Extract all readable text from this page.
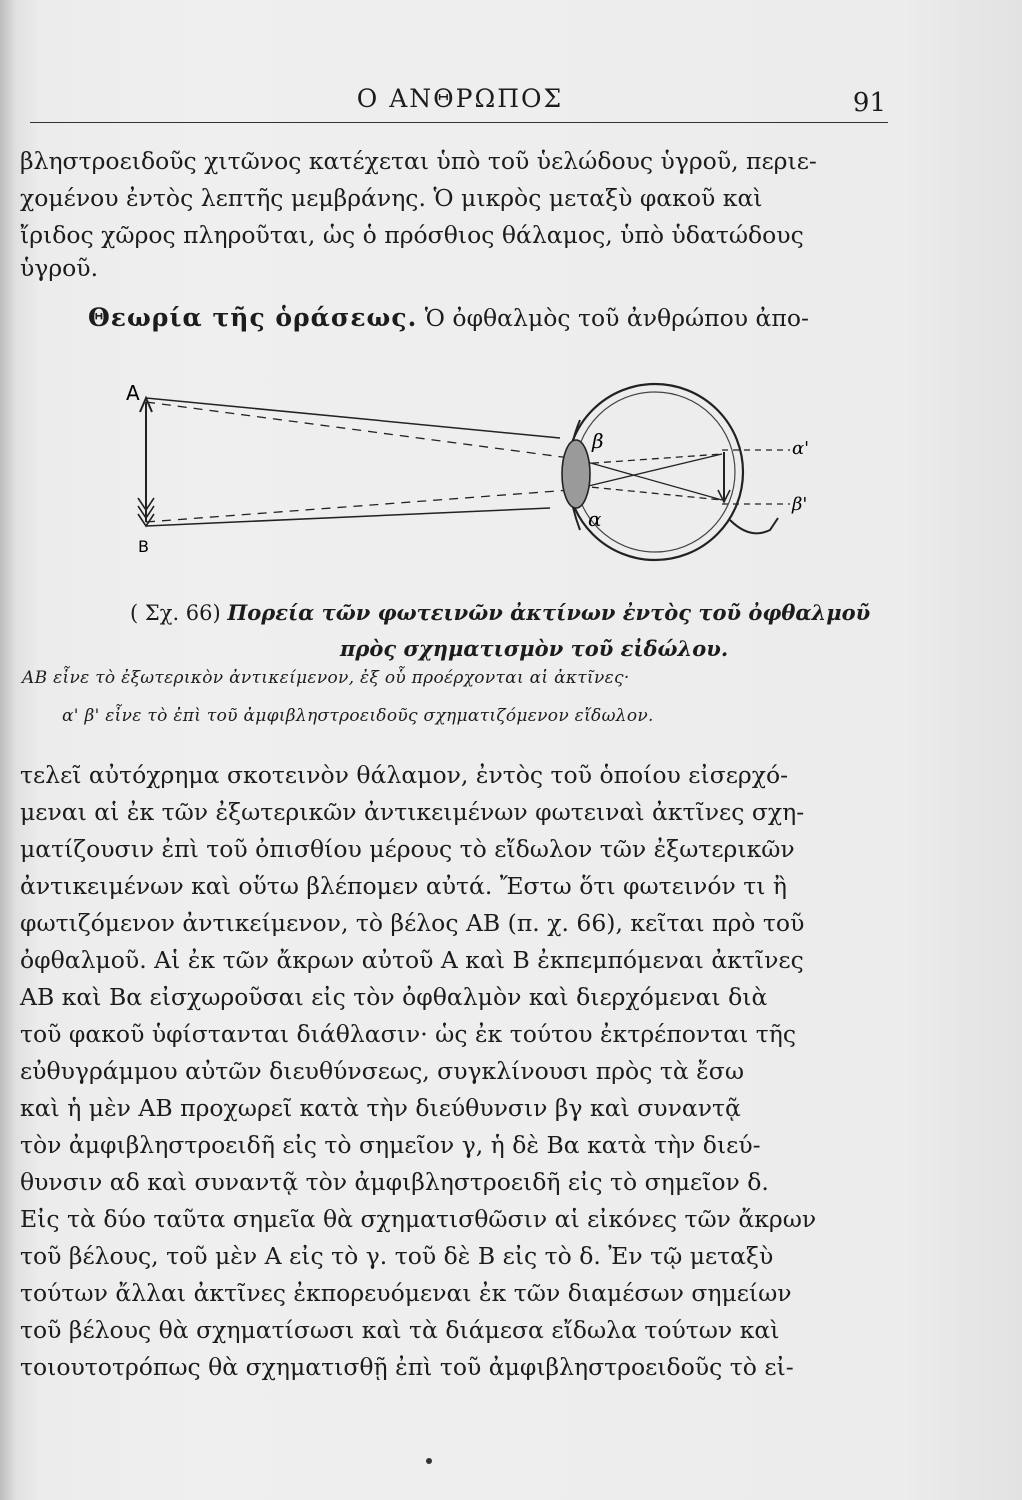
Ο ΑΝΘΡΩΠΟΣ	91
βληστροειδοῦς χιτῶνος κατέχεται ὑπὸ τοῦ ὑελώδους ὑγροῦ, περιε-
χομένου ἐντὸς λεπτῆς μεμβράνης. Ὁ μικρὸς μεταξὺ φακοῦ καὶ
ἴριδος χῶρος πληροῦται, ὡς ὁ πρόσθιος θάλαμος, ὑπὸ ὑδατώδους
ὑγροῦ.
Θεωρία τῆς ὁράσεως. Ὁ ὀφθαλμὸς τοῦ ἀνθρώπου ἀπο-
A
B
β
α
α'
β'
( Σχ. 66) Πορεία τῶν φωτεινῶν ἀκτίνων ἐντὸς τοῦ ὀφθαλμοῦ
πρὸς σχηματισμὸν τοῦ εἰδώλου.
ΑΒ εἶνε τὸ ἐξωτερικὸν ἀντικείμενον, ἐξ οὗ προέρχονται αἱ ἀκτῖνες·
α' β' εἶνε τὸ ἐπὶ τοῦ ἀμφιβληστροειδοῦς σχηματιζόμενον εἴδωλον.
τελεῖ αὐτόχρημα σκοτεινὸν θάλαμον, ἐντὸς τοῦ ὁποίου εἰσερχό-
μεναι αἱ ἐκ τῶν ἐξωτερικῶν ἀντικειμένων φωτειναὶ ἀκτῖνες σχη-
ματίζουσιν ἐπὶ τοῦ ὀπισθίου μέρους τὸ εἴδωλον τῶν ἐξωτερικῶν
ἀντικειμένων καὶ οὕτω βλέπομεν αὐτά. Ἔστω ὅτι φωτεινόν τι ἢ
φωτιζόμενον ἀντικείμενον, τὸ βέλος ΑΒ (π. χ. 66), κεῖται πρὸ τοῦ
ὀφθαλμοῦ. Αἱ ἐκ τῶν ἄκρων αὐτοῦ Α καὶ Β ἐκπεμπόμεναι ἀκτῖνες
ΑΒ καὶ Βα εἰσχωροῦσαι εἰς τὸν ὀφθαλμὸν καὶ διερχόμεναι διὰ
τοῦ φακοῦ ὑφίστανται διάθλασιν· ὡς ἐκ τούτου ἐκτρέπονται τῆς
εὐθυγράμμου αὐτῶν διευθύνσεως, συγκλίνουσι πρὸς τὰ ἔσω
καὶ ἡ μὲν ΑΒ προχωρεῖ κατὰ τὴν διεύθυνσιν βγ καὶ συναντᾷ
τὸν ἀμφιβληστροειδῆ εἰς τὸ σημεῖον γ, ἡ δὲ Βα κατὰ τὴν διεύ-
θυνσιν αδ καὶ συναντᾷ τὸν ἀμφιβληστροειδῆ εἰς τὸ σημεῖον δ.
Εἰς τὰ δύο ταῦτα σημεῖα θὰ σχηματισθῶσιν αἱ εἰκόνες τῶν ἄκρων
τοῦ βέλους, τοῦ μὲν Α εἰς τὸ γ. τοῦ δὲ Β εἰς τὸ δ. Ἐν τῷ μεταξὺ
τούτων ἄλλαι ἀκτῖνες ἐκπορευόμεναι ἐκ τῶν διαμέσων σημείων
τοῦ βέλους θὰ σχηματίσωσι καὶ τὰ διάμεσα εἴδωλα τούτων καὶ
τοιουτοτρόπως θὰ σχηματισθῇ ἐπὶ τοῦ ἀμφιβληστροειδοῦς τὸ εἰ-
